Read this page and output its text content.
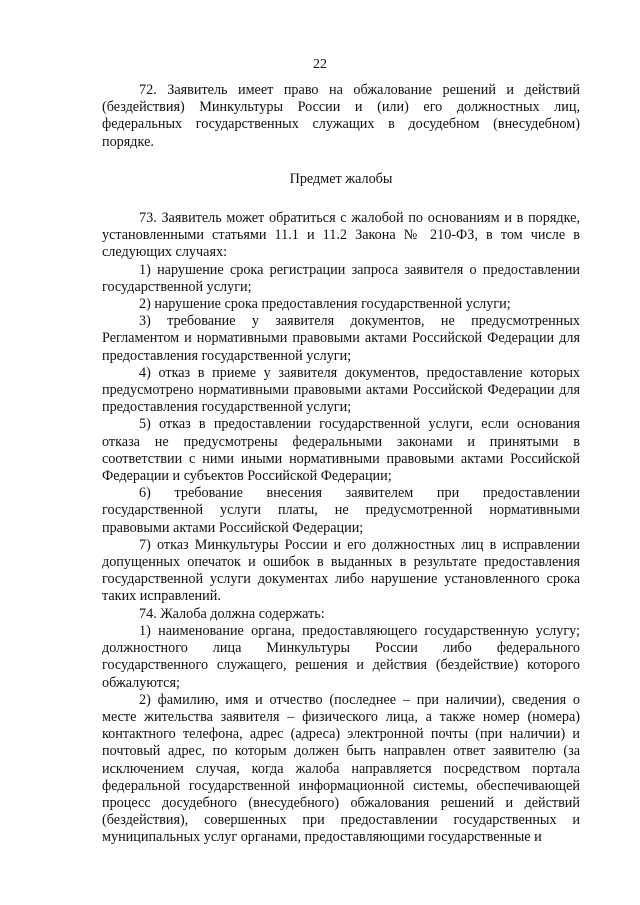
22

72. Заявитель имеет право на обжалование решений и действий (бездействия) Минкультуры России и (или) его должностных лиц, федеральных государственных служащих в досудебном (внесудебном) порядке.

Предмет жалобы

73. Заявитель может обратиться с жалобой по основаниям и в порядке, установленными статьями 11.1 и 11.2 Закона № 210-ФЗ, в том числе в следующих случаях:

1) нарушение срока регистрации запроса заявителя о предоставлении государственной услуги;

2) нарушение срока предоставления государственной услуги;

3) требование у заявителя документов, не предусмотренных Регламентом и нормативными правовыми актами Российской Федерации для предоставления государственной услуги;

4) отказ в приеме у заявителя документов, предоставление которых предусмотрено нормативными правовыми актами Российской Федерации для предоставления государственной услуги;

5) отказ в предоставлении государственной услуги, если основания отказа не предусмотрены федеральными законами и принятыми в соответствии с ними иными нормативными правовыми актами Российской Федерации и субъектов Российской Федерации;

6) требование внесения заявителем при предоставлении государственной услуги платы, не предусмотренной нормативными правовыми актами Российской Федерации;

7) отказ Минкультуры России и его должностных лиц в исправлении допущенных опечаток и ошибок в выданных в результате предоставления государственной услуги документах либо нарушение установленного срока таких исправлений.

74. Жалоба должна содержать:

1) наименование органа, предоставляющего государственную услугу; должностного лица Минкультуры России либо федерального государственного служащего, решения и действия (бездействие) которого обжалуются;

2) фамилию, имя и отчество (последнее – при наличии), сведения о месте жительства заявителя – физического лица, а также номер (номера) контактного телефона, адрес (адреса) электронной почты (при наличии) и почтовый адрес, по которым должен быть направлен ответ заявителю (за исключением случая, когда жалоба направляется посредством портала федеральной государственной информационной системы, обеспечивающей процесс досудебного (внесудебного) обжалования решений и действий (бездействия), совершенных при предоставлении государственных и муниципальных услуг органами, предоставляющими государственные и
